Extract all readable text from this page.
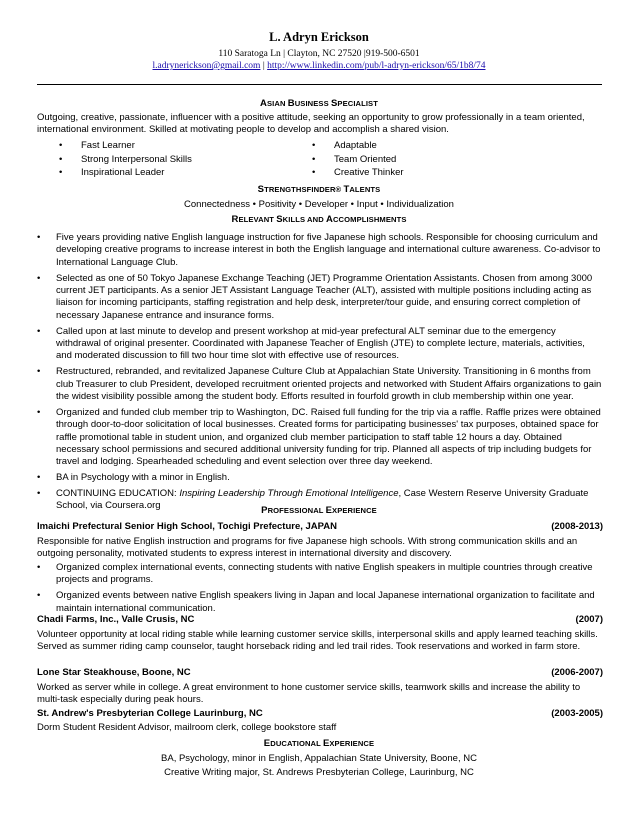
L. Adryn Erickson
110 Saratoga Ln | Clayton, NC 27520 |919-500-6501
l.adrynerickson@gmail.com | http://www.linkedin.com/pub/l-adryn-erickson/65/1b8/74
ASIAN BUSINESS SPECIALIST
Outgoing, creative, passionate, influencer with a positive attitude, seeking an opportunity to grow professionally in a team oriented, international environment. Skilled at motivating people to develop and accomplish a shared vision.
• Fast Learner
• Strong Interpersonal Skills
• Inspirational Leader
• Adaptable
• Team Oriented
• Creative Thinker
STRENGTHSFINDER® TALENTS
Connectedness • Positivity • Developer • Input • Individualization
RELEVANT SKILLS AND ACCOMPLISHMENTS
• Five years providing native English language instruction for five Japanese high schools. Responsible for choosing curriculum and developing creative programs to increase interest in both the English language and international culture awareness. Co-advisor to International Language Club.
• Selected as one of 50 Tokyo Japanese Exchange Teaching (JET) Programme Orientation Assistants. Chosen from among 3000 current JET participants. As a senior JET Assistant Language Teacher (ALT), assisted with multiple positions including acting as liaison for incoming participants, staffing registration and help desk, interpreter/tour guide, and ensuring correct completion of necessary Japanese entrance and insurance forms.
• Called upon at last minute to develop and present workshop at mid-year prefectural ALT seminar due to the emergency withdrawal of original presenter. Coordinated with Japanese Teacher of English (JTE) to complete lecture, materials, activities, and moderated discussion to fill two hour time slot with effective use of resources.
• Restructured, rebranded, and revitalized Japanese Culture Club at Appalachian State University. Transitioning in 6 months from club Treasurer to club President, developed recruitment oriented projects and networked with Student Affairs organizations to gain the widest visibility possible among the student body. Efforts resulted in fourfold growth in club membership within one year.
• Organized and funded club member trip to Washington, DC. Raised full funding for the trip via a raffle. Raffle prizes were obtained through door-to-door solicitation of local businesses. Created forms for participating businesses' tax purposes, obtained space for raffle promotional table in student union, and organized club member participation to staff table 12 hours a day. Obtained necessary school permissions and secured additional university funding for trip. Planned all aspects of trip including budgets for travel and lodging. Spearheaded scheduling and event selection over three day weekend.
• BA in Psychology with a minor in English.
• CONTINUING EDUCATION: Inspiring Leadership Through Emotional Intelligence, Case Western Reserve University Graduate School, via Coursera.org	PROFESSIONAL EXPERIENCE
Imaichi Prefectural Senior High School, Tochigi Prefecture, JAPAN	(2008-2013)
Responsible for native English instruction and programs for five Japanese high schools. With strong communication skills and an outgoing personality, motivated students to express interest in international diversity and discovery.
• Organized complex international events, connecting students with native English speakers in multiple countries through creative projects and programs.
• Organized events between native English speakers living in Japan and local Japanese international organization to facilitate and maintain international communication.
Chadi Farms, Inc., Valle Crusis, NC	(2007)
Volunteer opportunity at local riding stable while learning customer service skills, interpersonal skills and apply learned teaching skills. Served as summer riding camp counselor, taught horseback riding and led trail rides. Took reservations and worked in farm store.
Lone Star Steakhouse, Boone, NC	(2006-2007)
Worked as server while in college. A great environment to hone customer service skills, teamwork skills and increase the ability to multi-task especially during peak hours.
St. Andrew's Presbyterian College Laurinburg, NC	(2003-2005)
Dorm Student Resident Advisor, mailroom clerk, college bookstore staff
EDUCATIONAL EXPERIENCE
BA, Psychology, minor in English, Appalachian State University, Boone, NC
Creative Writing major, St. Andrews Presbyterian College, Laurinburg, NC
